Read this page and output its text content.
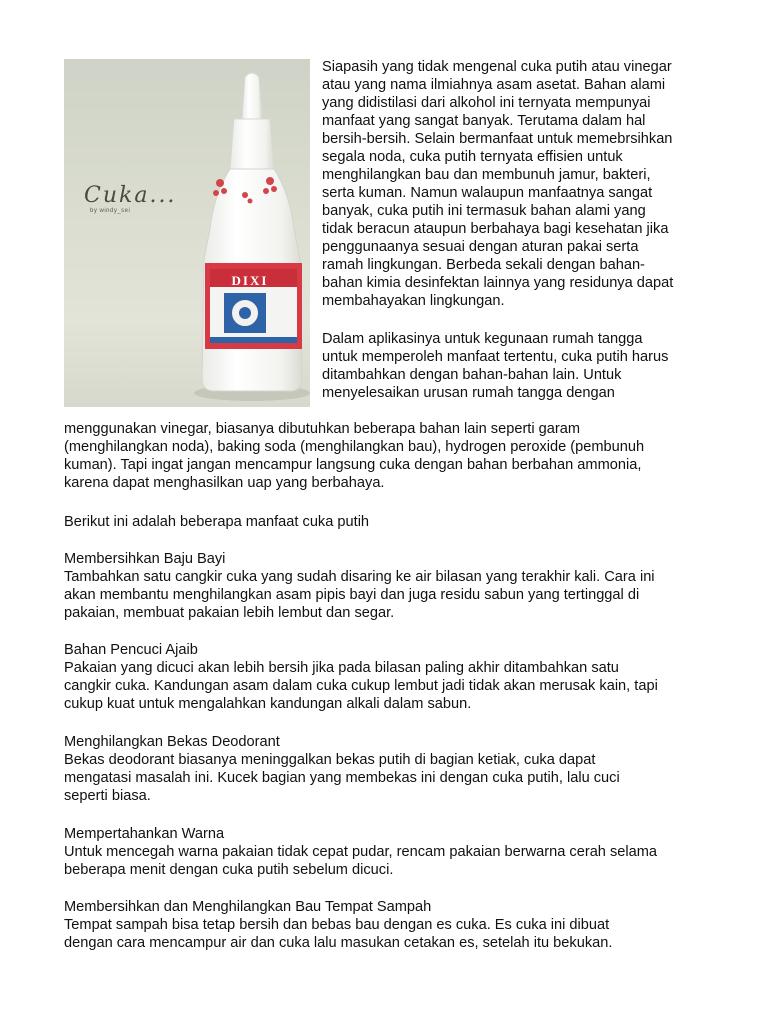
Cuka...
by windy_sei
DIXI

Siapasih yang tidak mengenal cuka putih atau vinegar

atau yang nama ilmiahnya asam asetat. Bahan alami

yang didistilasi dari alkohol ini ternyata mempunyai

manfaat yang sangat banyak. Terutama dalam hal

bersih-bersih. Selain bermanfaat untuk memebrsihkan

segala noda, cuka putih ternyata effisien untuk

menghilangkan bau dan membunuh jamur, bakteri,

serta kuman. Namun walaupun manfaatnya sangat

banyak, cuka putih ini termasuk bahan alami yang

tidak beracun ataupun berbahaya bagi kesehatan jika

penggunaanya sesuai dengan aturan pakai serta

ramah lingkungan. Berbeda sekali dengan bahan-

bahan kimia desinfektan lainnya yang residunya dapat

membahayakan lingkungan.

Dalam aplikasinya untuk kegunaan rumah tangga

untuk memperoleh manfaat tertentu, cuka putih harus

ditambahkan dengan bahan-bahan lain. Untuk

menyelesaikan urusan rumah tangga dengan

menggunakan vinegar, biasanya dibutuhkan beberapa bahan lain seperti garam

(menghilangkan noda), baking soda (menghilangkan bau), hydrogen peroxide (pembunuh

kuman). Tapi ingat jangan mencampur langsung cuka dengan bahan berbahan ammonia,

karena dapat menghasilkan uap yang berbahaya.

Berikut ini adalah beberapa manfaat cuka putih

Membersihkan Baju Bayi

Tambahkan satu cangkir cuka yang sudah disaring ke air bilasan yang terakhir kali. Cara ini

akan membantu menghilangkan asam pipis bayi dan juga residu sabun yang tertinggal di

pakaian, membuat pakaian lebih lembut dan segar.

Bahan Pencuci Ajaib

Pakaian yang dicuci akan lebih bersih jika pada bilasan paling akhir ditambahkan satu

cangkir cuka. Kandungan asam dalam cuka cukup lembut jadi tidak akan merusak kain, tapi

cukup kuat untuk mengalahkan kandungan alkali dalam sabun.

Menghilangkan Bekas Deodorant

Bekas deodorant biasanya meninggalkan bekas putih di bagian ketiak, cuka dapat

mengatasi masalah ini. Kucek bagian yang membekas ini dengan cuka putih, lalu cuci

seperti biasa.

Mempertahankan Warna

Untuk mencegah warna pakaian tidak cepat pudar, rencam pakaian berwarna cerah selama

beberapa menit dengan cuka putih sebelum dicuci.

Membersihkan dan Menghilangkan Bau Tempat Sampah

Tempat sampah bisa tetap bersih dan bebas bau dengan es cuka. Es cuka ini dibuat

dengan cara mencampur air dan cuka lalu masukan cetakan es, setelah itu bekukan.
